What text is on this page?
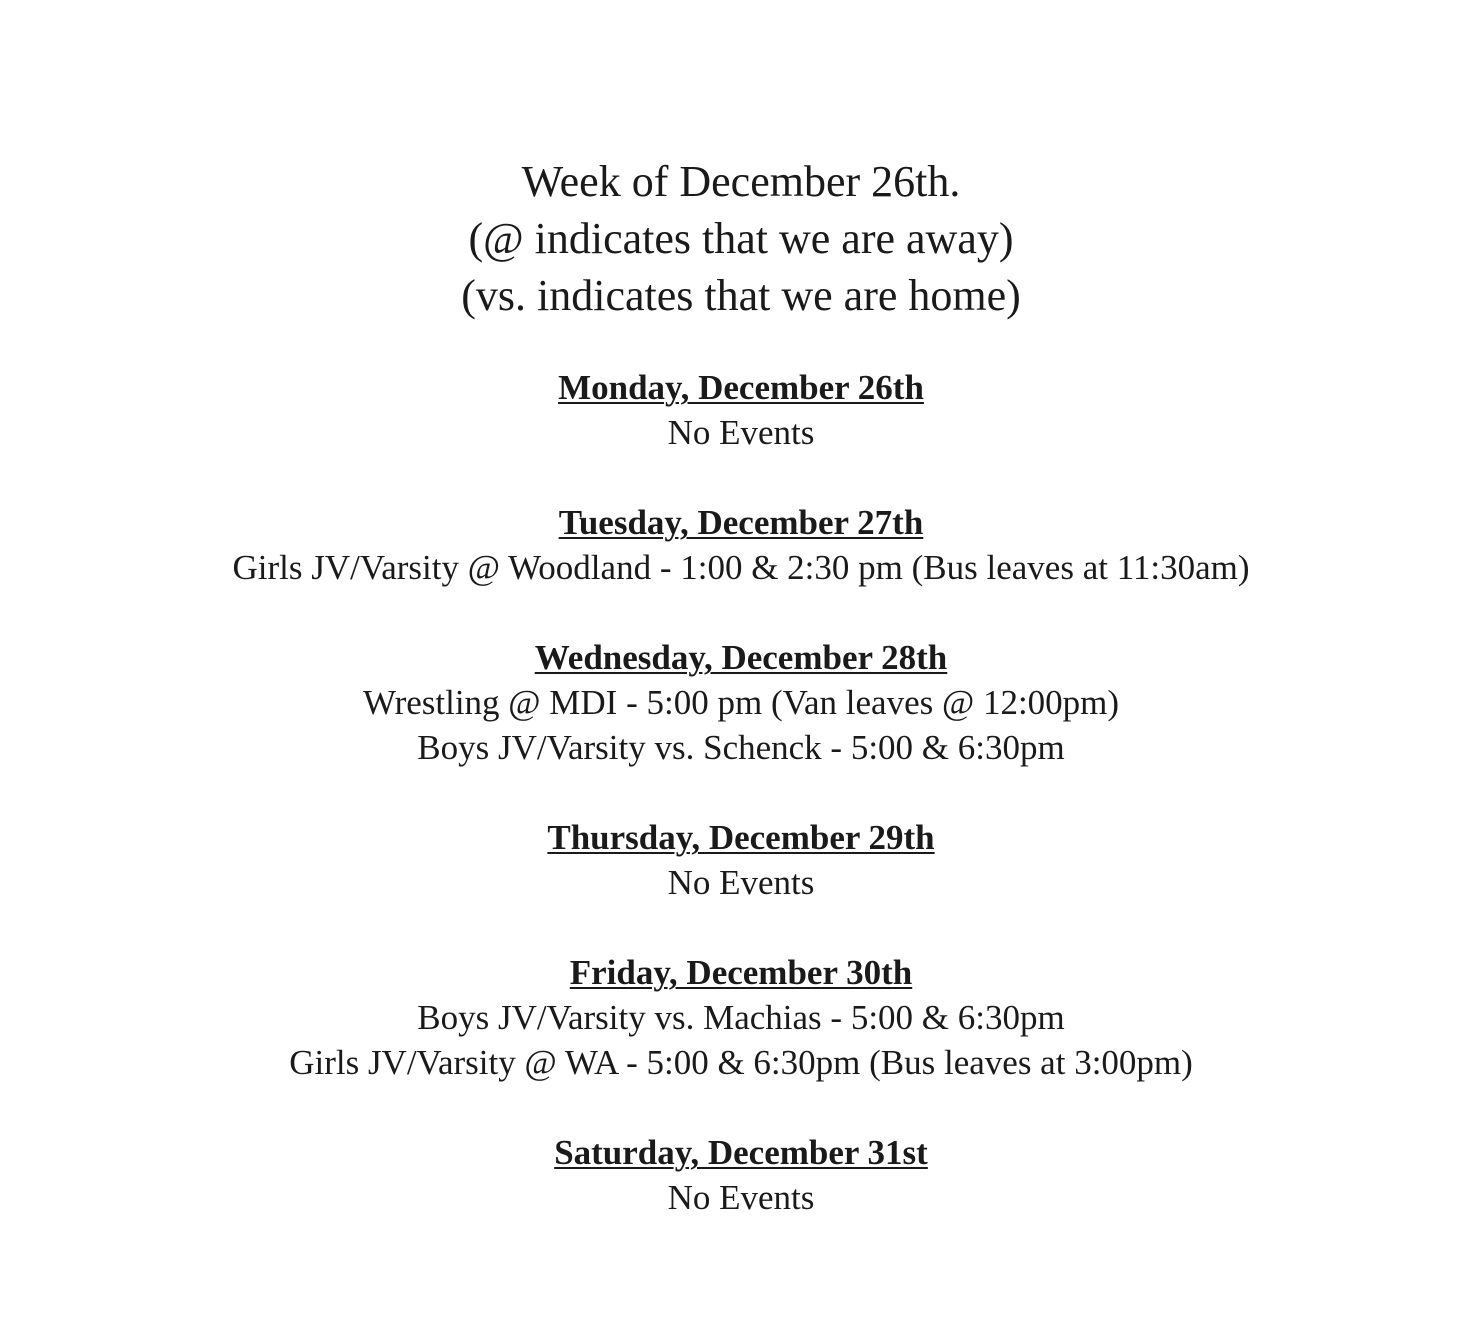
Week of December 26th.
(@ indicates that we are away)
(vs. indicates that we are home)
Monday, December 26th
No Events
Tuesday, December 27th
Girls JV/Varsity @ Woodland - 1:00 & 2:30 pm (Bus leaves at 11:30am)
Wednesday, December 28th
Wrestling @ MDI - 5:00 pm (Van leaves @ 12:00pm)
Boys JV/Varsity vs. Schenck - 5:00 & 6:30pm
Thursday, December 29th
No Events
Friday, December 30th
Boys JV/Varsity vs. Machias - 5:00 & 6:30pm
Girls JV/Varsity @ WA - 5:00 & 6:30pm (Bus leaves at 3:00pm)
Saturday, December 31st
No Events
